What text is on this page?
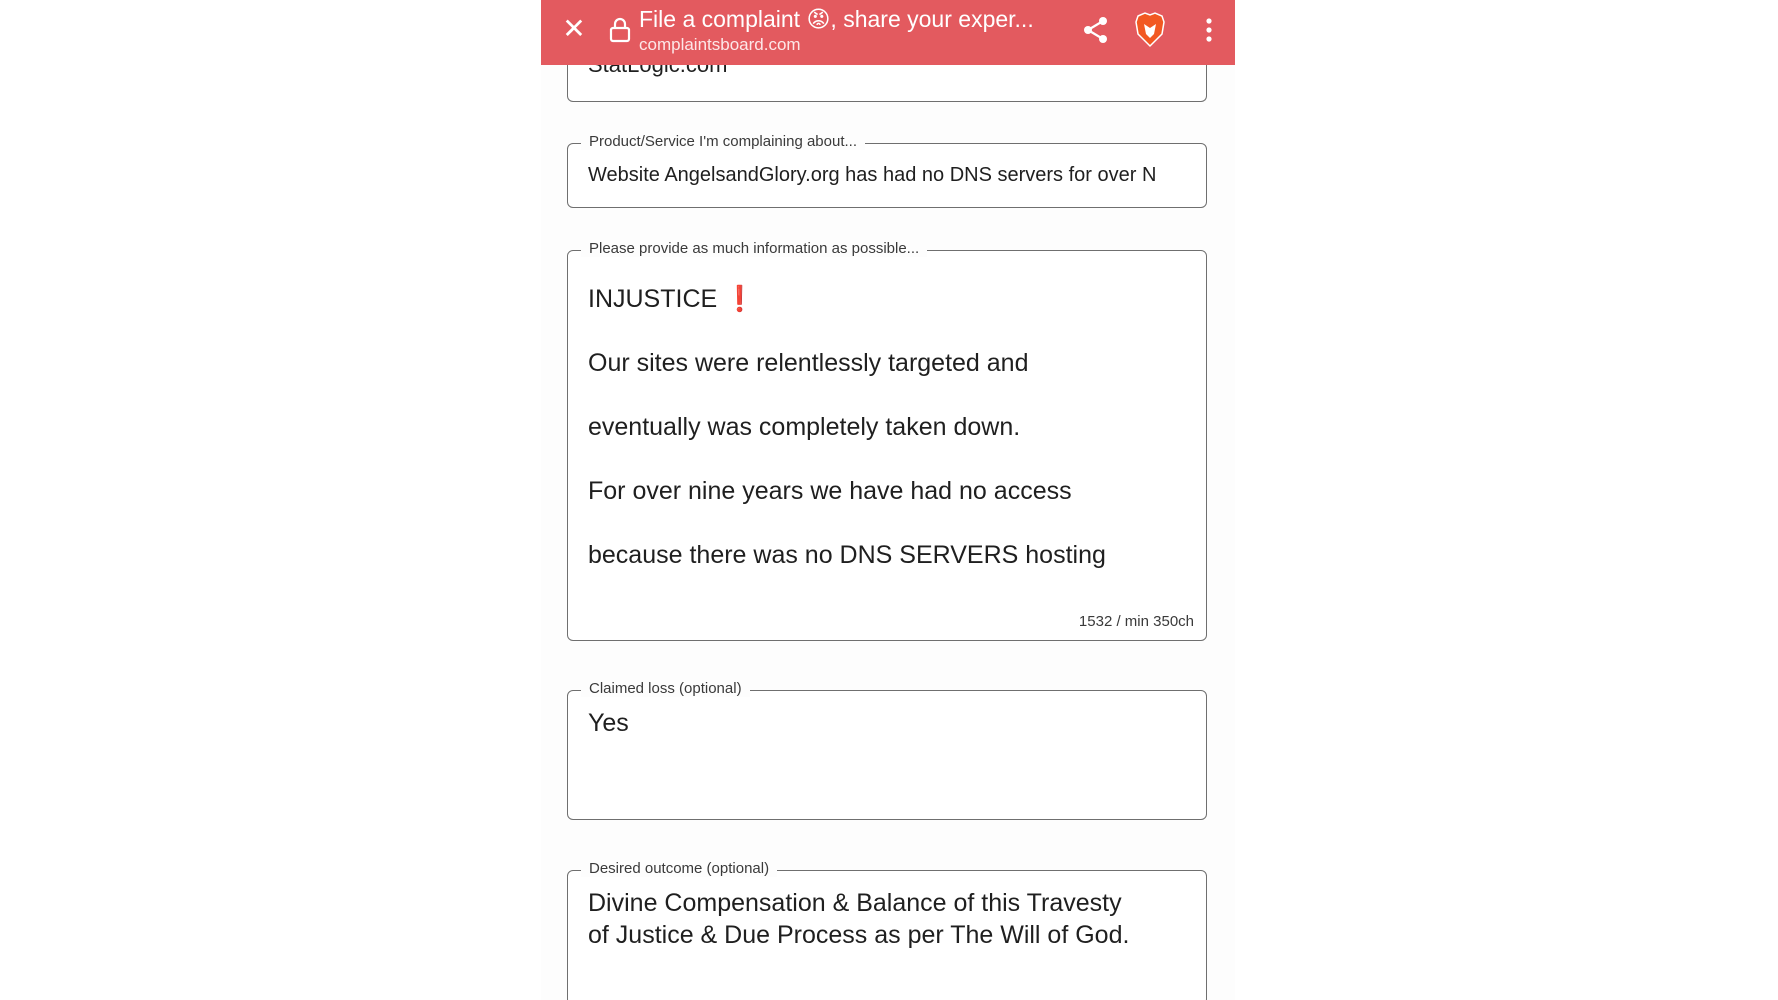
✕ File a complaint 😡, share your exper...
complaintsboard.com
Product/Service I'm complaining about...
Website AngelsandGlory.org has had no DNS servers for over N
Please provide as much information as possible...

INJUSTICE ❗

Our sites were relentlessly targeted and

eventually was completely taken down.

For over nine years we have had no access

because there was no DNS SERVERS hosting

1532 / min 350ch
Claimed loss (optional)
Yes
Desired outcome (optional)
Divine Compensation & Balance of this Travesty
of Justice & Due Process as per The Will of God.
